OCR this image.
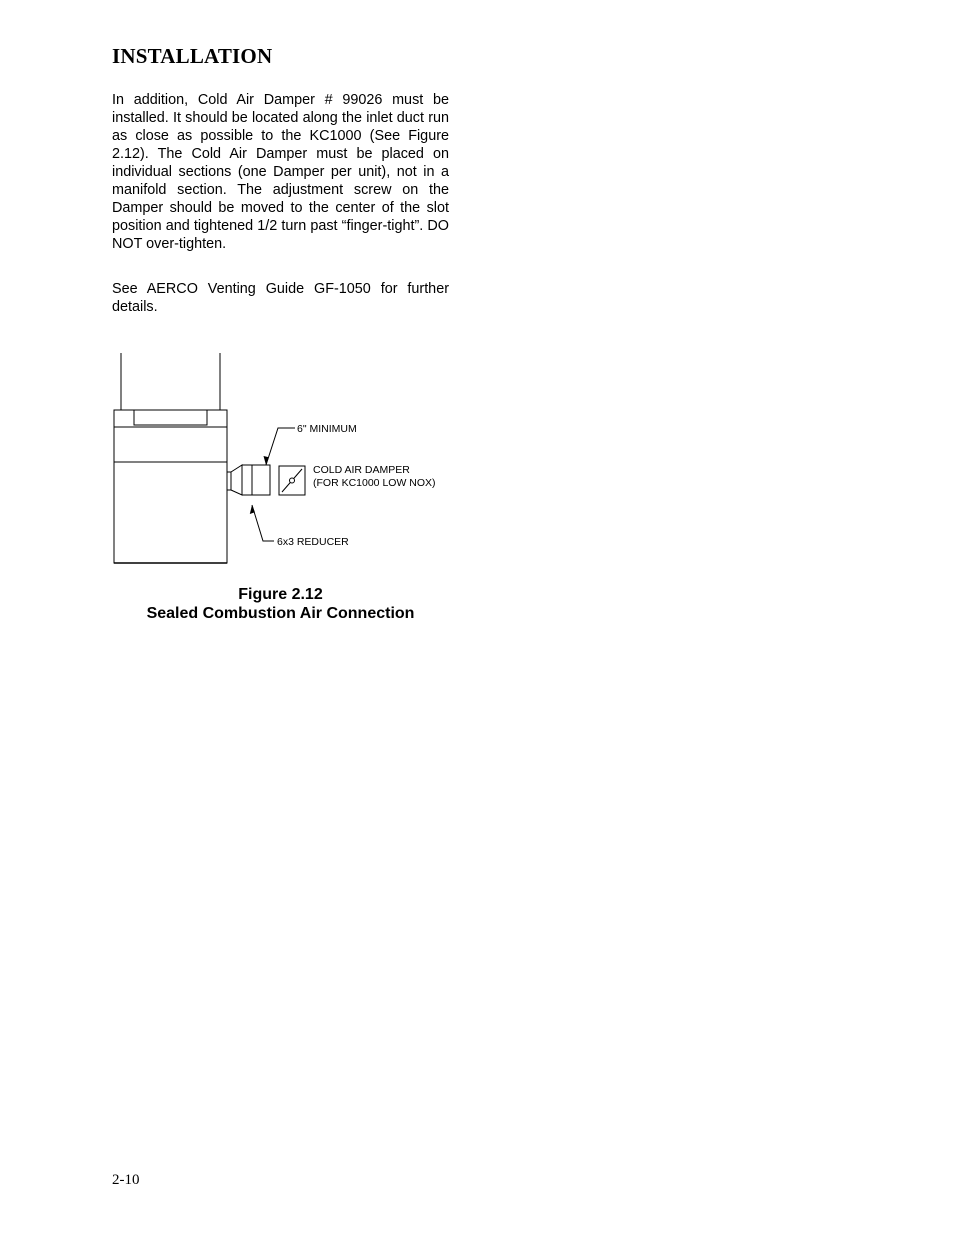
INSTALLATION
In addition, Cold Air Damper # 99026 must be installed. It should be located along the inlet duct run as close as possible to the KC1000 (See Figure 2.12). The Cold Air Damper must be placed on individual sections (one Damper per unit), not in a manifold section. The adjustment screw on the Damper should be moved to the center of the slot position and tightened 1/2 turn past “finger-tight”. DO NOT over-tighten.
See AERCO Venting Guide GF-1050 for further details.
6" MINIMUM
COLD AIR DAMPER
(FOR KC1000 LOW NOX)
6x3 REDUCER
Figure 2.12
Sealed Combustion Air Connection
2-10
